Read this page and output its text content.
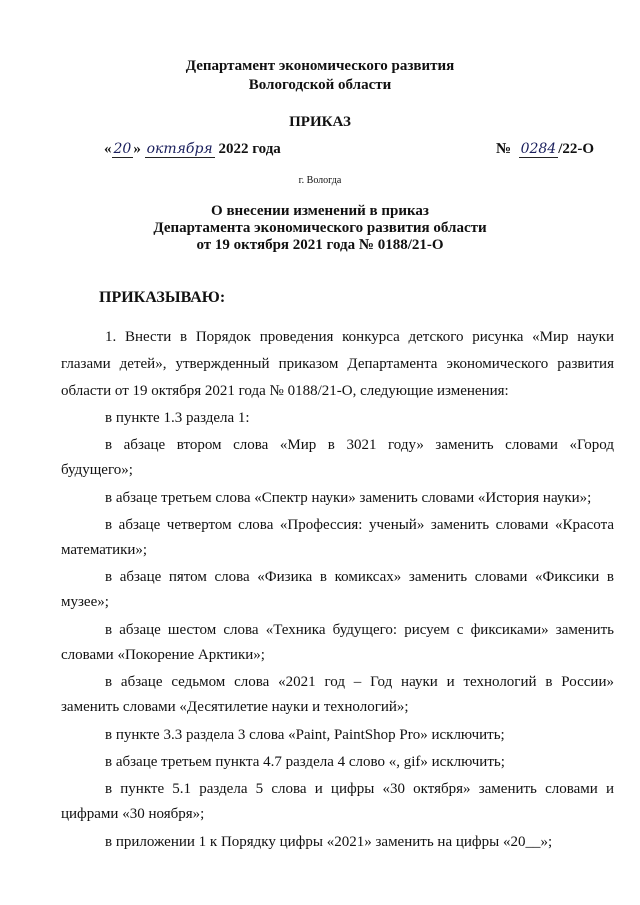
Департамент экономического развития
Вологодской области
ПРИКАЗ
« 20 » октября 2022 года	№ 0284 /22-О
г. Вологда
О внесении изменений в приказ
Департамента экономического развития области
от 19 октября 2021 года № 0188/21-О
ПРИКАЗЫВАЮ:
1. Внести в Порядок проведения конкурса детского рисунка «Мир науки
глазами детей», утвержденный приказом Департамента экономического развития
области от 19 октября 2021 года № 0188/21-О, следующие изменения:
в пункте 1.3 раздела 1:
в абзаце втором слова «Мир в 3021 году» заменить словами «Город
будущего»;
в абзаце третьем слова «Спектр науки» заменить словами «История науки»;
в абзаце четвертом слова «Профессия: ученый» заменить словами «Красота
математики»;
в абзаце пятом слова «Физика в комиксах» заменить словами «Фиксики в
музее»;
в абзаце шестом слова «Техника будущего: рисуем с фиксиками» заменить
словами «Покорение Арктики»;
в абзаце седьмом слова «2021 год – Год науки и технологий в России»
заменить словами «Десятилетие науки и технологий»;
в пункте 3.3 раздела 3 слова «Paint, PaintShop Pro» исключить;
в абзаце третьем пункта 4.7 раздела 4 слово «, gif» исключить;
в пункте 5.1 раздела 5 слова и цифры «30 октября» заменить словами и
цифрами «30 ноября»;
в приложении 1 к Порядку цифры «2021» заменить на цифры «20__»;
